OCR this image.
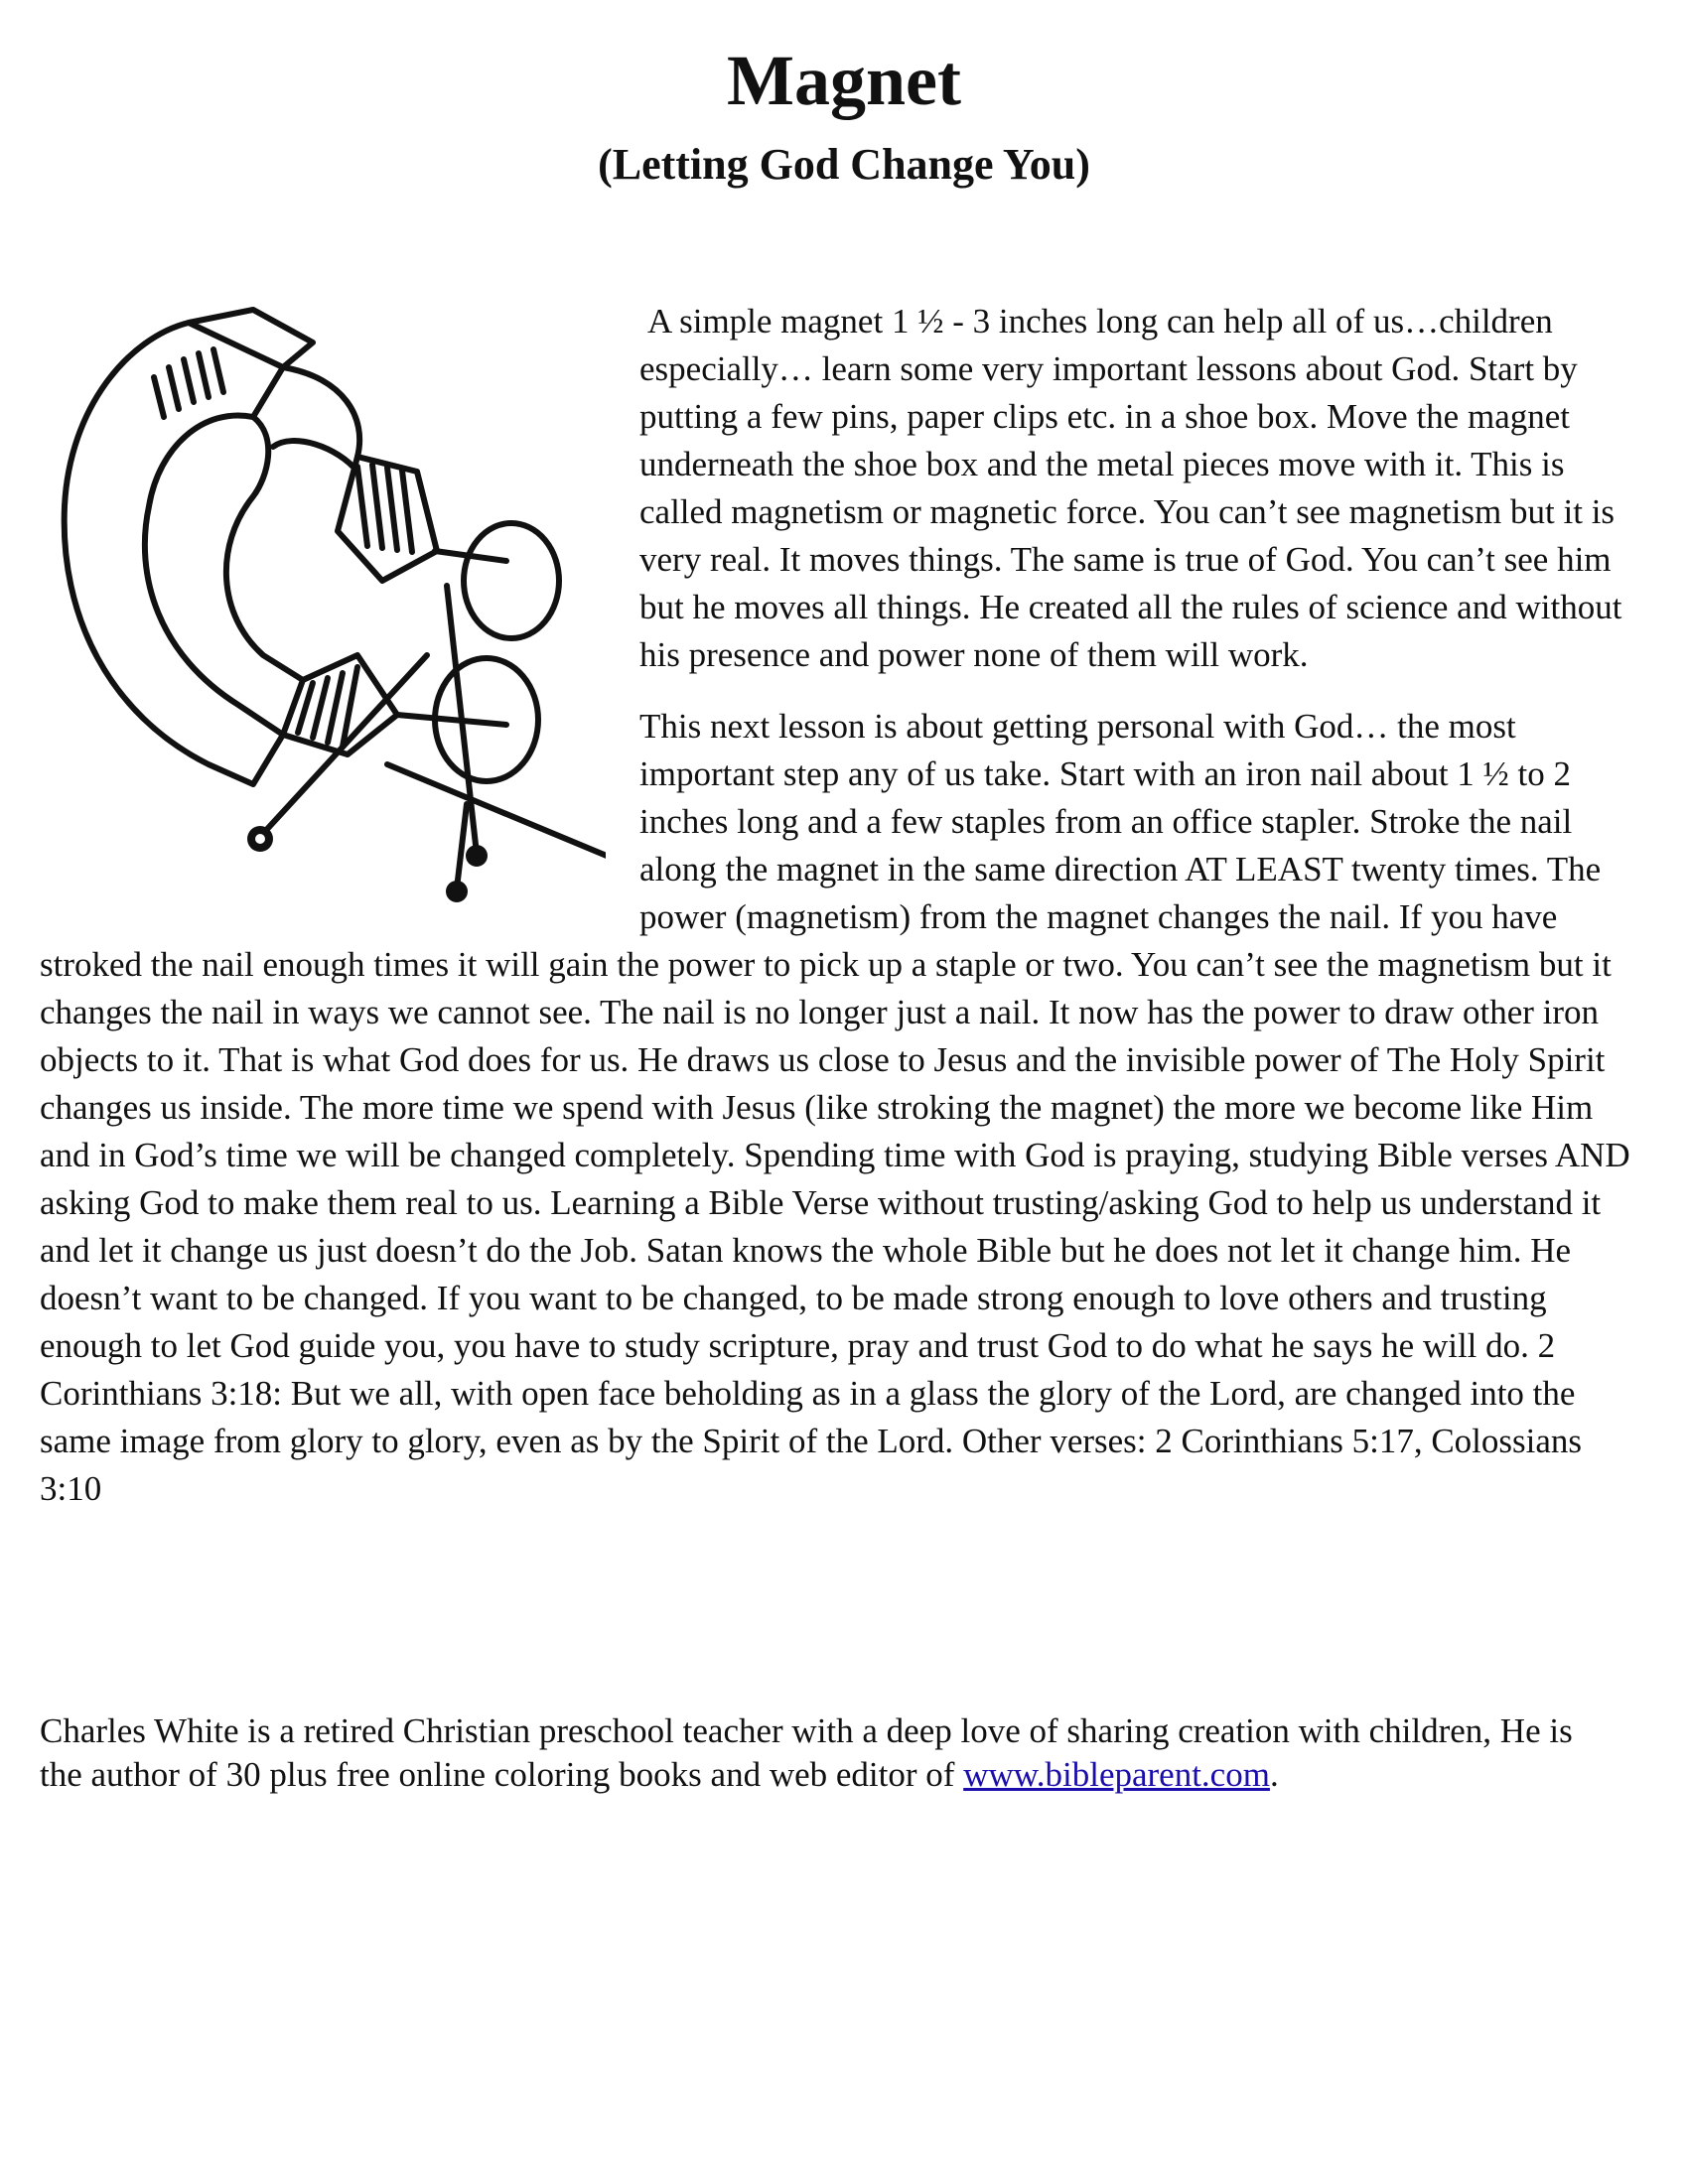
Magnet
(Letting God Change You)

A simple magnet 1 ½ - 3 inches long can help all of us…children especially… learn some very important lessons about God. Start by putting a few pins, paper clips etc. in a shoe box. Move the magnet underneath the shoe box and the metal pieces move with it. This is called magnetism or magnetic force. You can’t see magnetism but it is very real. It moves things. The same is true of God. You can’t see him but he moves all things. He created all the rules of science and without his presence and power none of them will work.

This next lesson is about getting personal with God… the most important step any of us take. Start with an iron nail about 1 ½ to 2 inches long and a few staples from an office stapler. Stroke the nail along the magnet in the same direction AT LEAST twenty times. The power (magnetism) from the magnet changes the nail. If you have stroked the nail enough times it will gain the power to pick up a staple or two. You can’t see the magnetism but it changes the nail in ways we cannot see. The nail is no longer just a nail. It now has the power to draw other iron objects to it. That is what God does for us. He draws us close to Jesus and the invisible power of The Holy Spirit changes us inside. The more time we spend with Jesus (like stroking the magnet) the more we become like Him and in God’s time we will be changed completely. Spending time with God is praying, studying Bible verses AND asking God to make them real to us. Learning a Bible Verse without trusting/asking God to help us understand it and let it change us just doesn’t do the Job. Satan knows the whole Bible but he does not let it change him. He doesn’t want to be changed. If you want to be changed, to be made strong enough to love others and trusting enough to let God guide you, you have to study scripture, pray and trust God to do what he says he will do. 2 Corinthians 3:18: But we all, with open face beholding as in a glass the glory of the Lord, are changed into the same image from glory to glory, even as by the Spirit of the Lord. Other verses: 2 Corinthians 5:17, Colossians 3:10

Charles White is a retired Christian preschool teacher with a deep love of sharing creation with children, He is the author of 30 plus free online coloring books and web editor of www.bibleparent.com.
